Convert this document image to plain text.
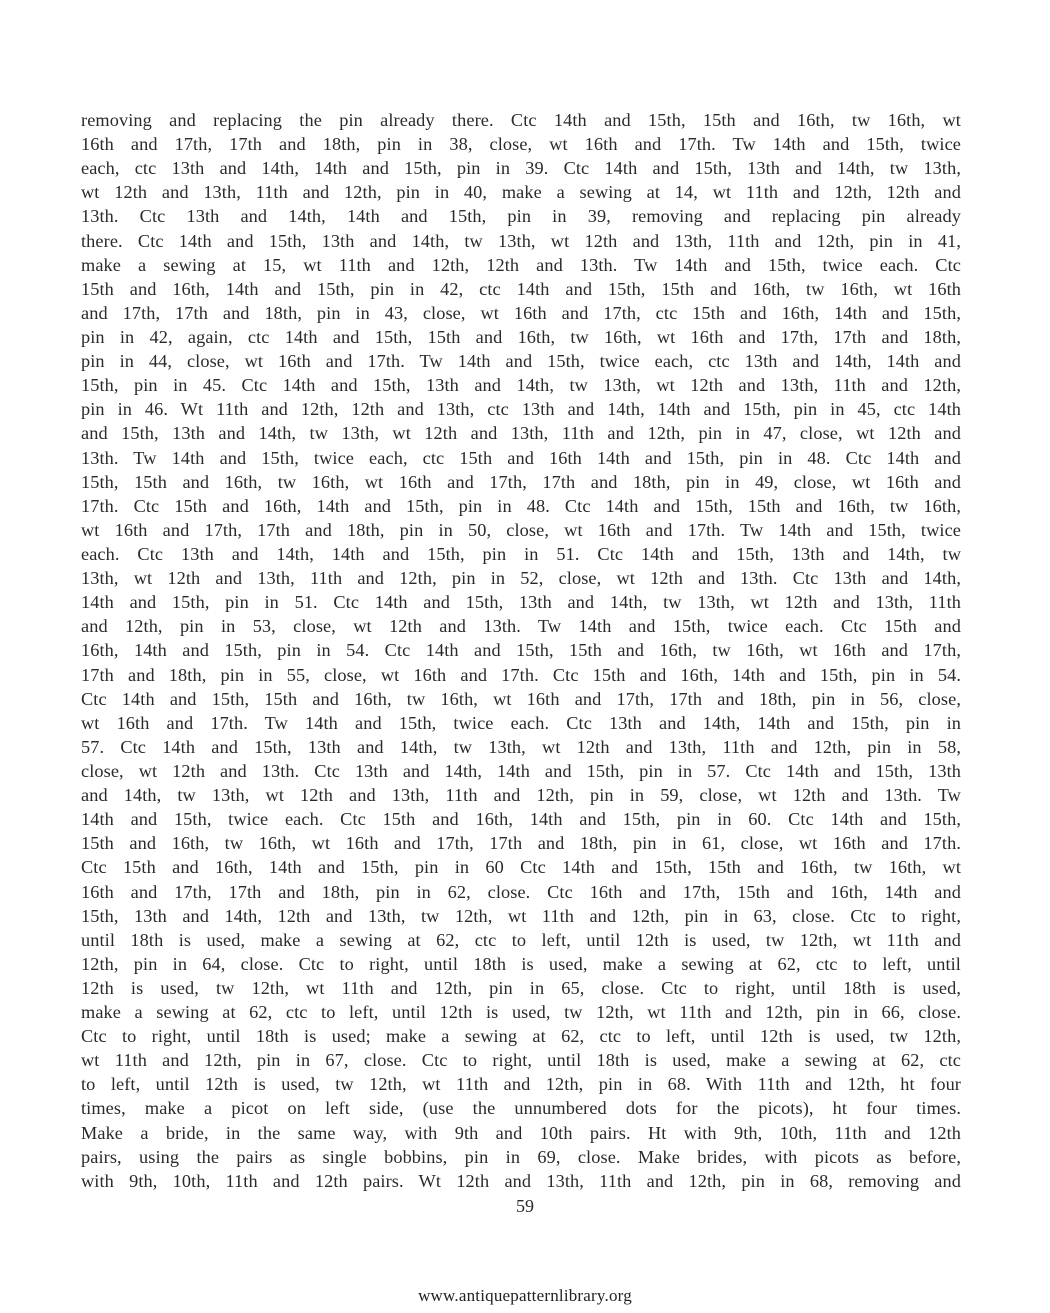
removing and replacing the pin already there. Ctc 14th and 15th, 15th and 16th, tw 16th, wt
16th and 17th, 17th and 18th, pin in 38, close, wt 16th and 17th. Tw 14th and 15th, twice
each, ctc 13th and 14th, 14th and 15th, pin in 39. Ctc 14th and 15th, 13th and 14th, tw 13th,
wt 12th and 13th, 11th and 12th, pin in 40, make a sewing at 14, wt 11th and 12th, 12th and
13th. Ctc 13th and 14th, 14th and 15th, pin in 39, removing and replacing pin already
there. Ctc 14th and 15th, 13th and 14th, tw 13th, wt 12th and 13th, 11th and 12th, pin in 41,
make a sewing at 15, wt 11th and 12th, 12th and 13th. Tw 14th and 15th, twice each. Ctc
15th and 16th, 14th and 15th, pin in 42, ctc 14th and 15th, 15th and 16th, tw 16th, wt 16th
and 17th, 17th and 18th, pin in 43, close, wt 16th and 17th, ctc 15th and 16th, 14th and 15th,
pin in 42, again, ctc 14th and 15th, 15th and 16th, tw 16th, wt 16th and 17th, 17th and 18th,
pin in 44, close, wt 16th and 17th. Tw 14th and 15th, twice each, ctc 13th and 14th, 14th and
15th, pin in 45. Ctc 14th and 15th, 13th and 14th, tw 13th, wt 12th and 13th, 11th and 12th,
pin in 46. Wt 11th and 12th, 12th and 13th, ctc 13th and 14th, 14th and 15th, pin in 45, ctc 14th
and 15th, 13th and 14th, tw 13th, wt 12th and 13th, 11th and 12th, pin in 47, close, wt 12th and
13th. Tw 14th and 15th, twice each, ctc 15th and 16th 14th and 15th, pin in 48. Ctc 14th and
15th, 15th and 16th, tw 16th, wt 16th and 17th, 17th and 18th, pin in 49, close, wt 16th and
17th. Ctc 15th and 16th, 14th and 15th, pin in 48. Ctc 14th and 15th, 15th and 16th, tw 16th,
wt 16th and 17th, 17th and 18th, pin in 50, close, wt 16th and 17th. Tw 14th and 15th, twice
each. Ctc 13th and 14th, 14th and 15th, pin in 51. Ctc 14th and 15th, 13th and 14th, tw
13th, wt 12th and 13th, 11th and 12th, pin in 52, close, wt 12th and 13th. Ctc 13th and 14th,
14th and 15th, pin in 51. Ctc 14th and 15th, 13th and 14th, tw 13th, wt 12th and 13th, 11th
and 12th, pin in 53, close, wt 12th and 13th. Tw 14th and 15th, twice each. Ctc 15th and
16th, 14th and 15th, pin in 54. Ctc 14th and 15th, 15th and 16th, tw 16th, wt 16th and 17th,
17th and 18th, pin in 55, close, wt 16th and 17th. Ctc 15th and 16th, 14th and 15th, pin in 54.
Ctc 14th and 15th, 15th and 16th, tw 16th, wt 16th and 17th, 17th and 18th, pin in 56, close,
wt 16th and 17th. Tw 14th and 15th, twice each. Ctc 13th and 14th, 14th and 15th, pin in
57. Ctc 14th and 15th, 13th and 14th, tw 13th, wt 12th and 13th, 11th and 12th, pin in 58,
close, wt 12th and 13th. Ctc 13th and 14th, 14th and 15th, pin in 57. Ctc 14th and 15th, 13th
and 14th, tw 13th, wt 12th and 13th, 11th and 12th, pin in 59, close, wt 12th and 13th. Tw
14th and 15th, twice each. Ctc 15th and 16th, 14th and 15th, pin in 60. Ctc 14th and 15th,
15th and 16th, tw 16th, wt 16th and 17th, 17th and 18th, pin in 61, close, wt 16th and 17th.
Ctc 15th and 16th, 14th and 15th, pin in 60 Ctc 14th and 15th, 15th and 16th, tw 16th, wt
16th and 17th, 17th and 18th, pin in 62, close. Ctc 16th and 17th, 15th and 16th, 14th and
15th, 13th and 14th, 12th and 13th, tw 12th, wt 11th and 12th, pin in 63, close. Ctc to right,
until 18th is used, make a sewing at 62, ctc to left, until 12th is used, tw 12th, wt 11th and
12th, pin in 64, close. Ctc to right, until 18th is used, make a sewing at 62, ctc to left, until
12th is used, tw 12th, wt 11th and 12th, pin in 65, close. Ctc to right, until 18th is used,
make a sewing at 62, ctc to left, until 12th is used, tw 12th, wt 11th and 12th, pin in 66, close.
Ctc to right, until 18th is used; make a sewing at 62, ctc to left, until 12th is used, tw 12th,
wt 11th and 12th, pin in 67, close. Ctc to right, until 18th is used, make a sewing at 62, ctc
to left, until 12th is used, tw 12th, wt 11th and 12th, pin in 68. With 11th and 12th, ht four
times, make a picot on left side, (use the unnumbered dots for the picots), ht four times.
Make a bride, in the same way, with 9th and 10th pairs. Ht with 9th, 10th, 11th and 12th
pairs, using the pairs as single bobbins, pin in 69, close. Make brides, with picots as before,
with 9th, 10th, 11th and 12th pairs. Wt 12th and 13th, 11th and 12th, pin in 68, removing and
59
www.antiquepatternlibrary.org
